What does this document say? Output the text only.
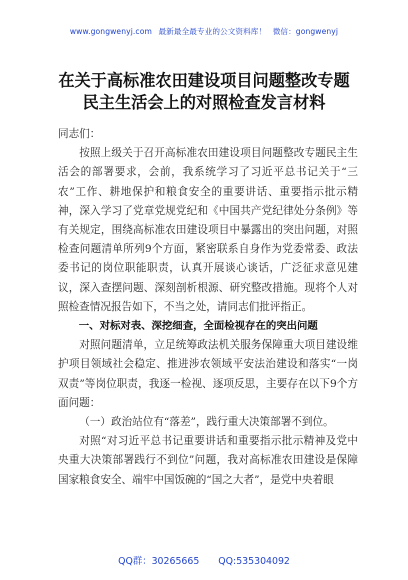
www.gongwenyj.com 最新最全最专业的公文资料库！ 微信：gongwenyj
在关于高标准农田建设项目问题整改专题
民主生活会上的对照检查发言材料

同志们：

按照上级关于召开高标准农田建设项目问题整改专题民主生活会的部署要求，会前，我系统学习了习近平总书记关于“三农”工作、耕地保护和粮食安全的重要讲话、重要指示批示精神，深入学习了党章党规党纪和《中国共产党纪律处分条例》等有关规定，围绕高标准农田建设项目中暴露出的突出问题，对照检查问题清单所列9个方面，紧密联系自身作为党委常委、政法委书记的岗位职能职责，认真开展谈心谈话，广泛征求意见建议，深入查摆问题、深刻剖析根源、研究整改措施。现将个人对照检查情况报告如下，不当之处，请同志们批评指正。

一、对标对表、深挖细查，全面检视存在的突出问题

对照问题清单，立足统筹政法机关服务保障重大项目建设维护项目领域社会稳定、推进涉农领域平安法治建设和落实“一岗双责”等岗位职责，我逐一检视、逐项反思，主要存在以下9个方面问题：

（一）政治站位有“落差”，践行重大决策部署不到位。

对照“对习近平总书记重要讲话和重要指示批示精神及党中央重大决策部署践行不到位”问题，我对高标准农田建设是保障国家粮食安全、端牢中国饭碗的“国之大者”，是党中央着眼

QQ群：30265665 QQ:535304092
